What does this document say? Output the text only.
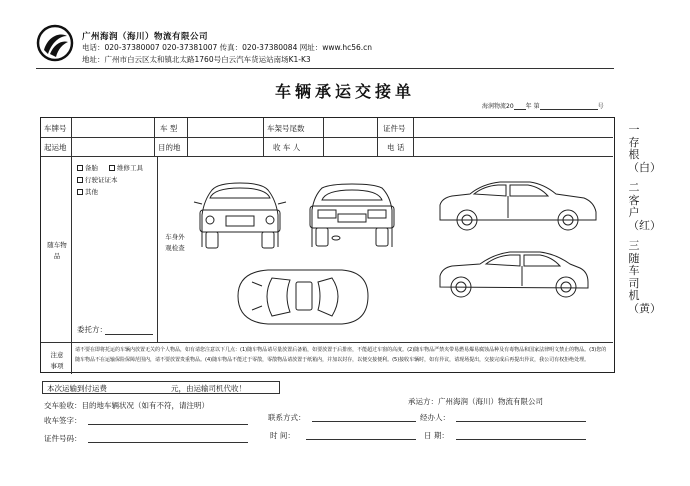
广州海润（海川）物流有限公司
电话：020-37380007 020-37381007 传真：020-37380084 网址：www.hc56.cn
地址：广州市白云区太和镇北太路1760号白云汽车货运站南场K1-K3
车辆承运交接单
海润物流20 年 第	号
车牌号	车 型	车架号尾数	证件号
起运地	目的地	收 车 人	电 话
随车物品
备胎	维修工具
行驶证证本
其他
车身外观检查
委托方：
注意事项
请不要在即将托运的车辆内放置无关的个人物品，如有请您注意以下几点：(1)随车物品请尽量放置后备箱，如要放置于后排座，不能超过车窗的高度。(2)随车物品严禁夹带易燃易爆易腐蚀品种及有毒物品和国家法律明文禁止的物品。(3)您的随车物品不在运输保险保障范围内，请不要放置贵重物品。(4)随车物品不能过于零散，零散物品请放置于纸箱内，并加以封存，以便交接便利。(5)接收车辆时，如有异议，请现场提出，交接完成后再提出异议，我公司有权拒绝处理。
一存根（白）
二客户（红）
三随车司机（黄）
本次运输到付运费	元，由运输司机代收！
交车验收：目的地车辆状况（如有不符，请注明）	承运方：广州海润（海川）物流有限公司
收车签字：	联系方式：	经办人：
证件号码：	时 间：	日 期：
